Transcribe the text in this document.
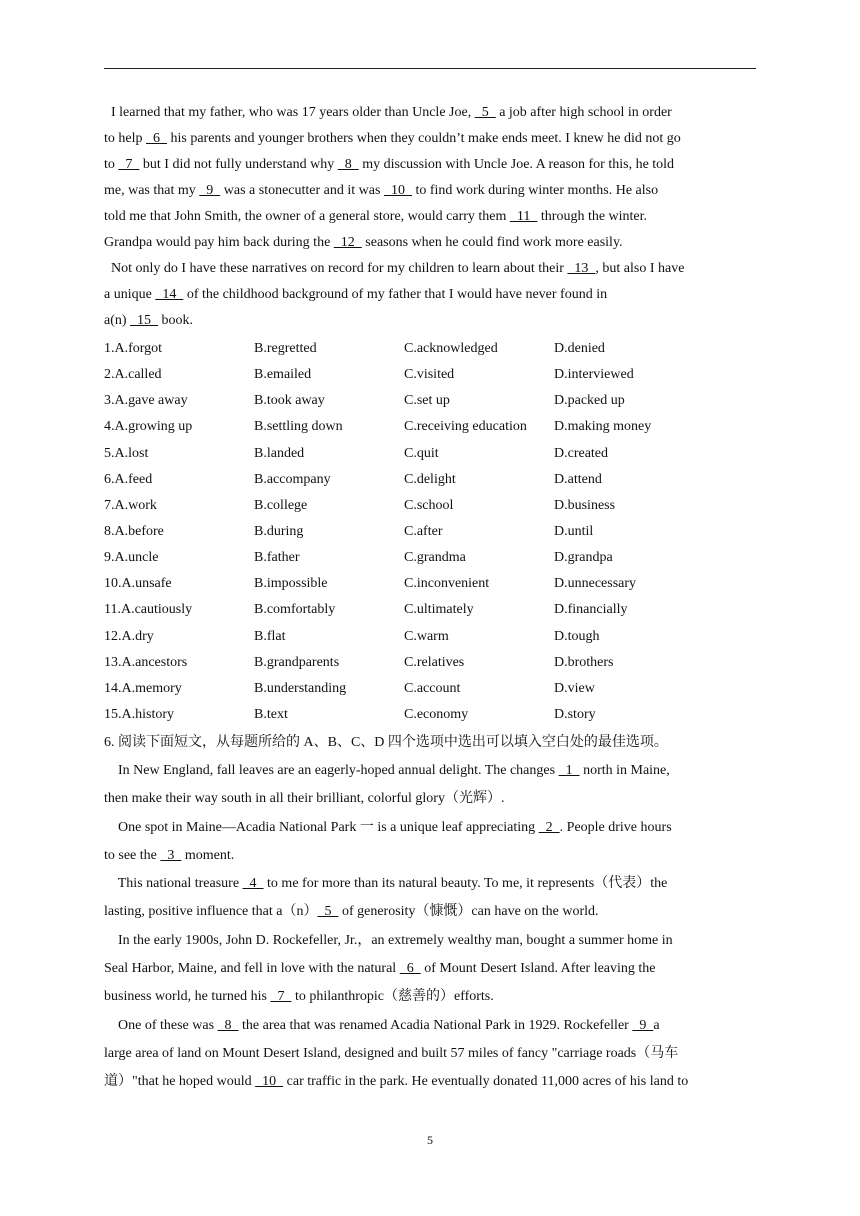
I learned that my father, who was 17 years older than Uncle Joe,   5   a job after high school in order
to help   6   his parents and younger brothers when they couldn’t make ends meet. I knew he did not go
to   7   but I did not fully understand why   8   my discussion with Uncle Joe. A reason for this, he told
me, was that my   9   was a stonecutter and it was   10   to find work during winter months. He also
told me that John Smith, the owner of a general store, would carry them   11   through the winter.
Grandpa would pay him back during the   12   seasons when he could find work more easily.
Not only do I have these narratives on record for my children to learn about their   13  , but also I have
a unique   14   of the childhood background of my father that I would have never found in
a(n)   15   book.
1.A.forgot	B.regretted	C.acknowledged	D.denied
2.A.called	B.emailed	C.visited	D.interviewed
3.A.gave away	B.took away	C.set up	D.packed up
4.A.growing up	B.settling down	C.receiving education D.making money
5.A.lost	B.landed	C.quit	D.created
6.A.feed	B.accompany	C.delight	D.attend
7.A.work	B.college	C.school	D.business
8.A.before	B.during	C.after	D.until
9.A.uncle	B.father	C.grandma	D.grandpa
10.A.unsafe	B.impossible	C.inconvenient	D.unnecessary
11.A.cautiously	B.comfortably	C.ultimately	D.financially
12.A.dry	B.flat	C.warm	D.tough
13.A.ancestors	B.grandparents	C.relatives	D.brothers
14.A.memory	B.understanding	C.account	D.view
15.A.history	B.text	C.economy	D.story
6. 阅读下面短文，从每题所给的 A、B、C、D 四个选项中选出可以填入空白处的最佳选项。
In New England, fall leaves are an eagerly-hoped annual delight. The changes   1   north in Maine,
then make their way south in all their brilliant, colorful glory（光辉）.
One spot in Maine—Acadia National Park 一 is a unique leaf appreciating   2  . People drive hours
to see the   3   moment.
This national treasure   4   to me for more than its natural beauty. To me, it represents（代表）the
lasting, positive influence that a（n）  5   of generosity（慷慨）can have on the world.
In the early 1900s, John D. Rockefeller, Jr.，an extremely wealthy man, bought a summer home in
Seal Harbor, Maine, and fell in love with the natural   6   of Mount Desert Island. After leaving the
business world, he turned his   7   to philanthropic（慈善的）efforts.
One of these was   8   the area that was renamed Acadia National Park in 1929. Rockefeller   9  a
large area of land on Mount Desert Island, designed and built 57 miles of fancy "carriage roads（马车
道）"that he hoped would   10   car traffic in the park. He eventually donated 11,000 acres of his land to
5
